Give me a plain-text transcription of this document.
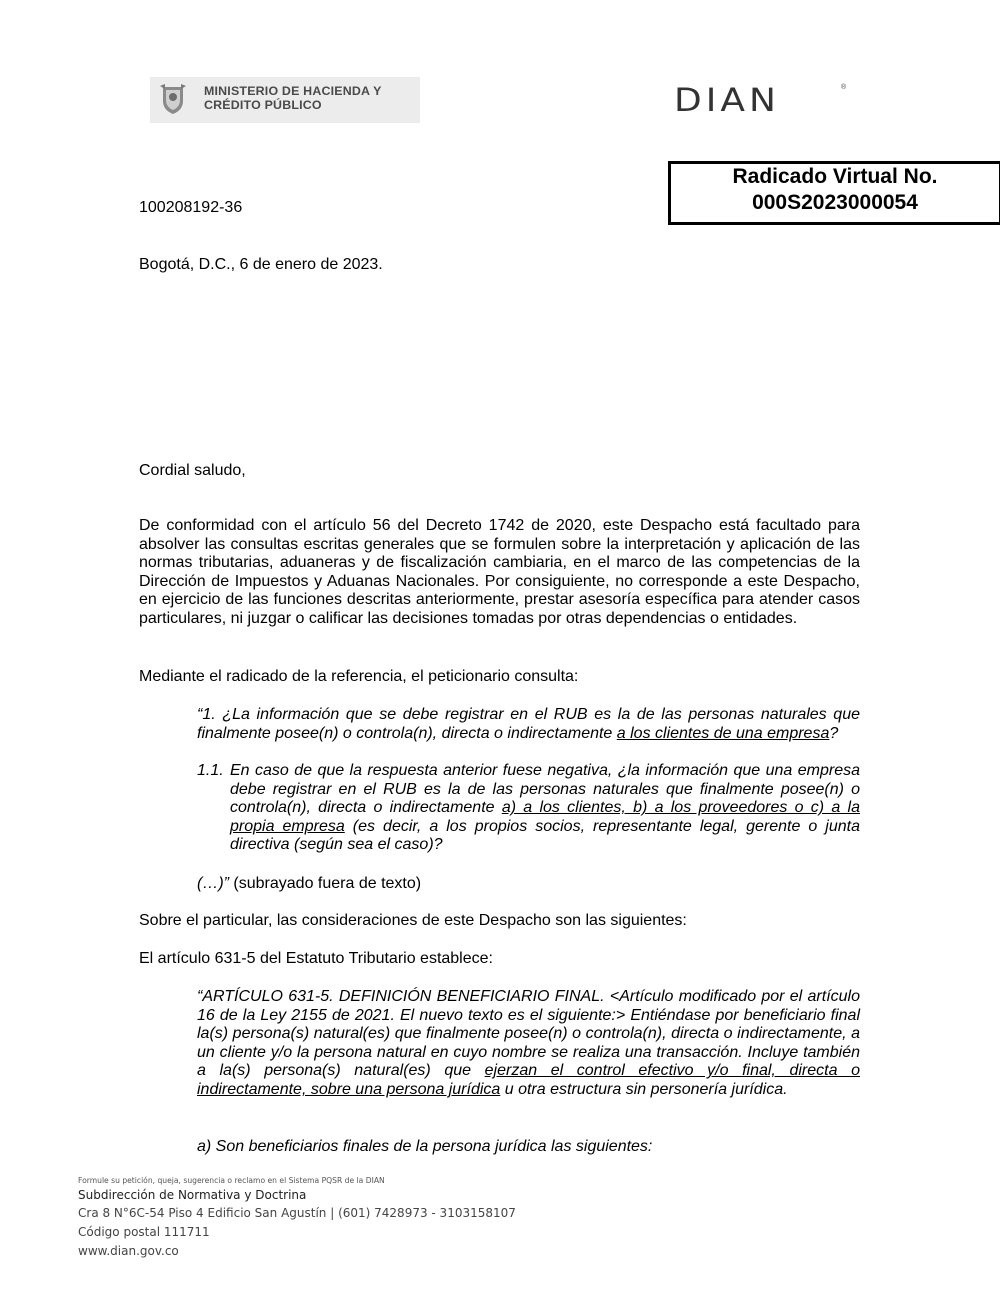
MINISTERIO DE HACIENDA Y
CRÉDITO PÚBLICO	DIAN	®
Radicado Virtual No.
000S2023000054
100208192-36
Bogotá, D.C., 6 de enero de 2023.
Cordial saludo,
De conformidad con el artículo 56 del Decreto 1742 de 2020, este Despacho está facultado para absolver las consultas escritas generales que se formulen sobre la interpretación y aplicación de las normas tributarias, aduaneras y de fiscalización cambiaria, en el marco de las competencias de la Dirección de Impuestos y Aduanas Nacionales. Por consiguiente, no corresponde a este Despacho, en ejercicio de las funciones descritas anteriormente, prestar asesoría específica para atender casos particulares, ni juzgar o calificar las decisiones tomadas por otras dependencias o entidades.
Mediante el radicado de la referencia, el peticionario consulta:
“1. ¿La información que se debe registrar en el RUB es la de las personas naturales que finalmente posee(n) o controla(n), directa o indirectamente a los clientes de una empresa?
1.1. En caso de que la respuesta anterior fuese negativa, ¿la información que una empresa debe registrar en el RUB es la de las personas naturales que finalmente posee(n) o controla(n), directa o indirectamente a) a los clientes, b) a los proveedores o c) a la propia empresa (es decir, a los propios socios, representante legal, gerente o junta directiva (según sea el caso)?
(…)” (subrayado fuera de texto)
Sobre el particular, las consideraciones de este Despacho son las siguientes:
El artículo 631-5 del Estatuto Tributario establece:
“ARTÍCULO 631-5. DEFINICIÓN BENEFICIARIO FINAL. <Artículo modificado por el artículo 16 de la Ley 2155 de 2021. El nuevo texto es el siguiente:> Entiéndase por beneficiario final la(s) persona(s) natural(es) que finalmente posee(n) o controla(n), directa o indirectamente, a un cliente y/o la persona natural en cuyo nombre se realiza una transacción. Incluye también a la(s) persona(s) natural(es) que ejerzan el control efectivo y/o final, directa o indirectamente, sobre una persona jurídica u otra estructura sin personería jurídica.
a) Son beneficiarios finales de la persona jurídica las siguientes:
Formule su petición, queja, sugerencia o reclamo en el Sistema PQSR de la DIAN
Subdirección de Normativa y Doctrina
Cra 8 N°6C-54 Piso 4 Edificio San Agustín | (601) 7428973 - 3103158107
Código postal 111711
www.dian.gov.co
